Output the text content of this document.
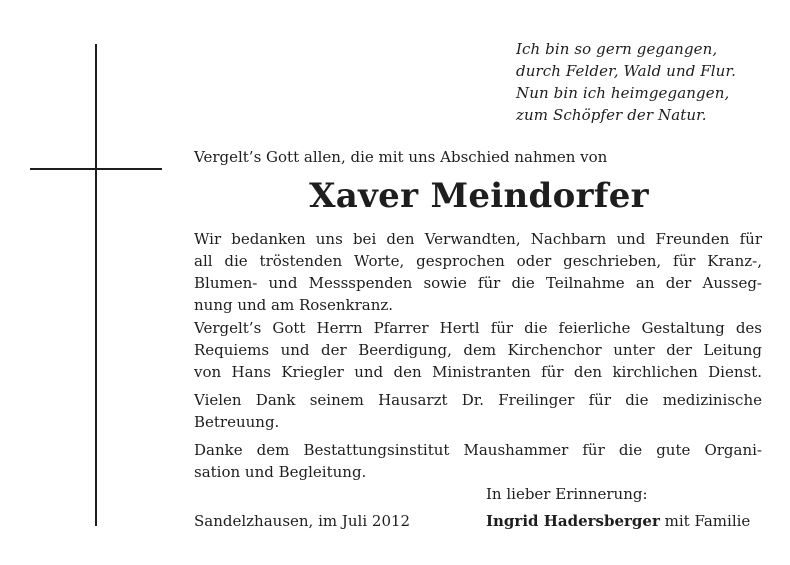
Ich bin so gern gegangen,
durch Felder, Wald und Flur.
Nun bin ich heimgegangen,
zum Schöpfer der Natur.
Vergelt’s Gott allen, die mit uns Abschied nahmen von
Xaver Meindorfer
Wir bedanken uns bei den Verwandten, Nachbarn und Freunden für
all die tröstenden Worte, gesprochen oder geschrieben, für Kranz-,
Blumen- und Messspenden sowie für die Teilnahme an der Ausseg-
nung und am Rosenkranz.
Vergelt’s Gott Herrn Pfarrer Hertl für die feierliche Gestaltung des
Requiems und der Beerdigung, dem Kirchenchor unter der Leitung
von Hans Kriegler und den Ministranten für den kirchlichen Dienst.
Vielen Dank seinem Hausarzt Dr. Freilinger für die medizinische
Betreuung.
Danke dem Bestattungsinstitut Maushammer für die gute Organi-
sation und Begleitung.
In lieber Erinnerung:
Sandelzhausen, im Juli 2012	Ingrid Hadersberger mit Familie
